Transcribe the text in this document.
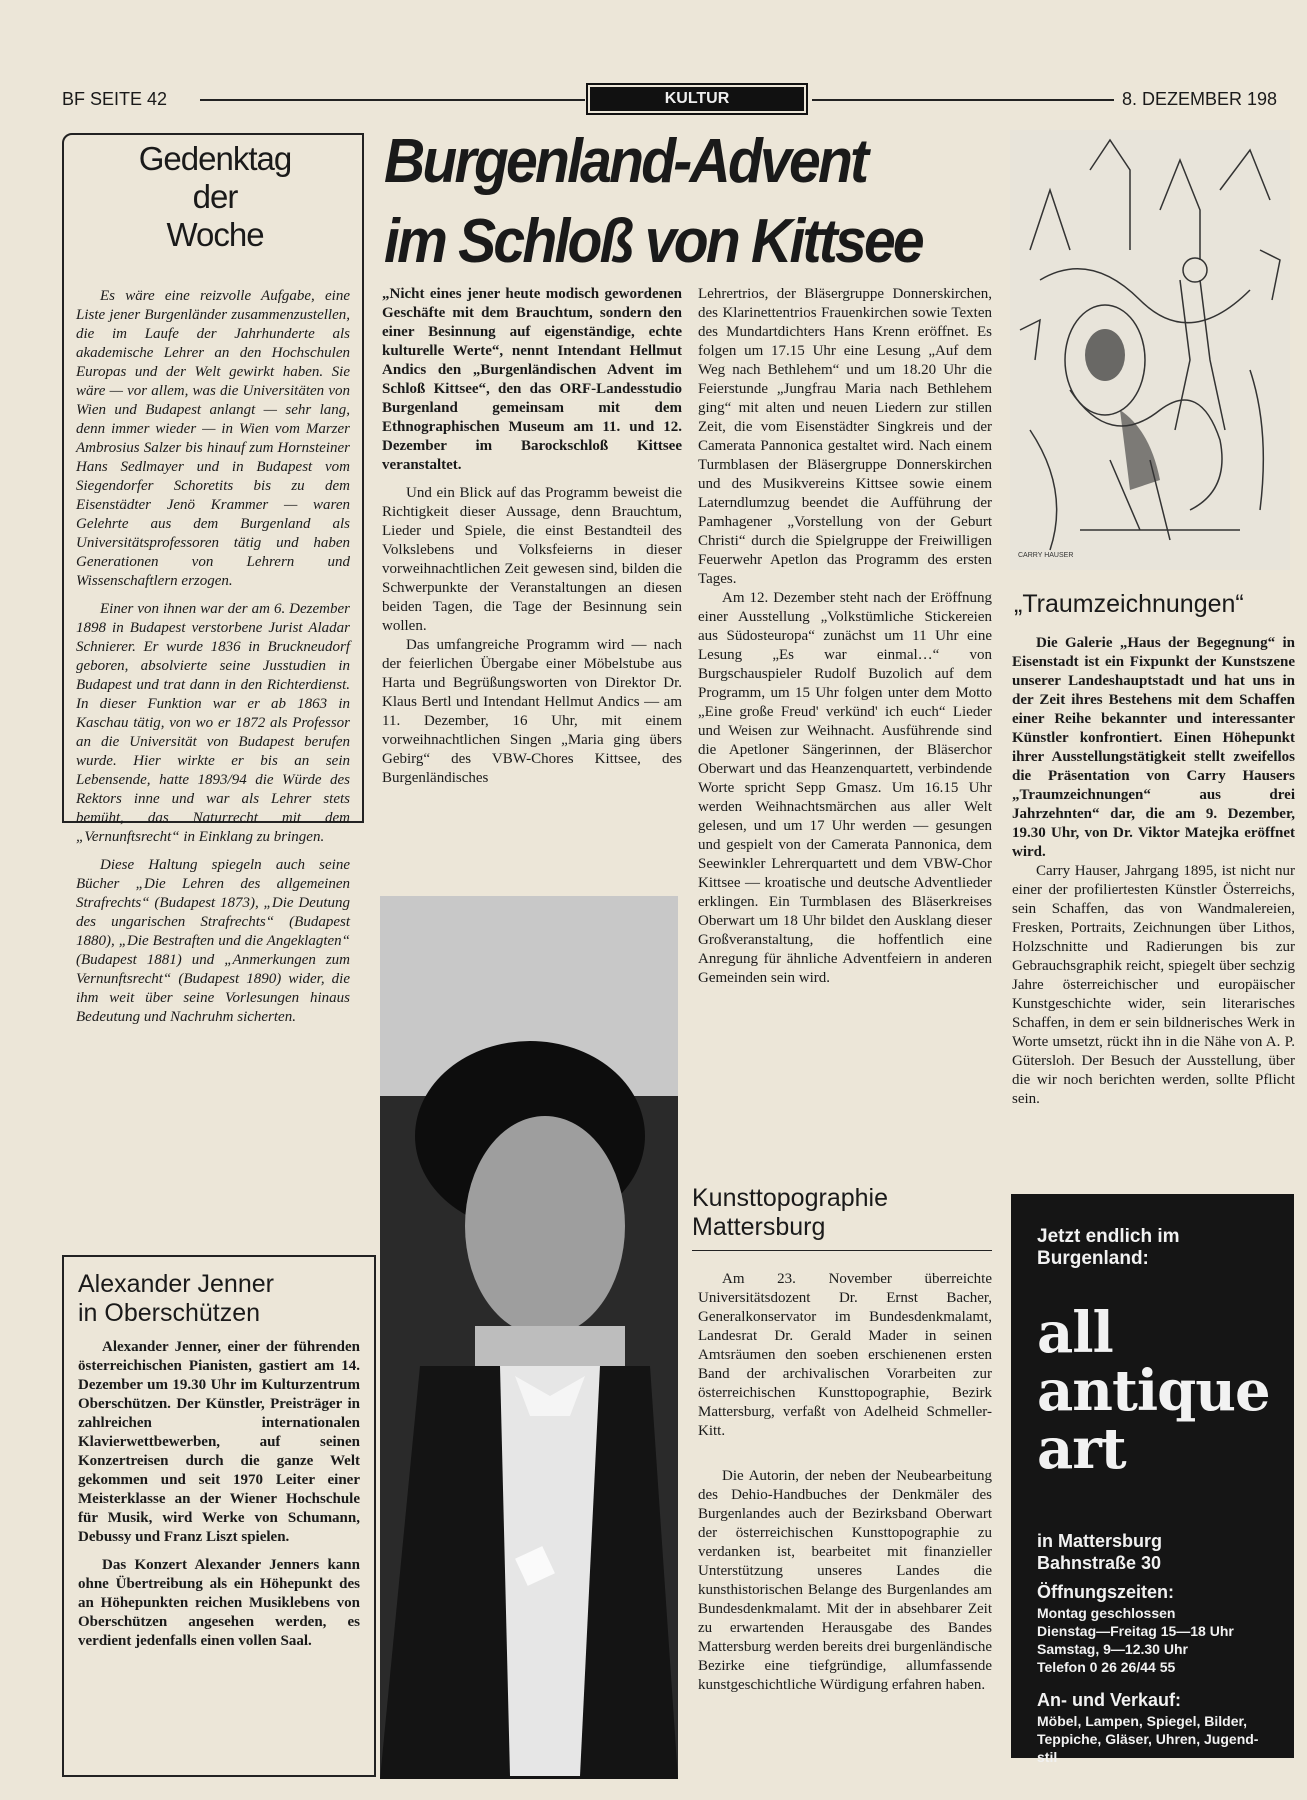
BF SEITE 42	KULTUR	8. DEZEMBER 198
Gedenktag
der
Woche

Es wäre eine reizvolle Aufgabe, eine Liste jener Burgenländer zusammenzustellen, die im Laufe der Jahrhunderte als akademische Lehrer an den Hochschulen Europas und der Welt gewirkt haben. Sie wäre — vor allem, was die Universitäten von Wien und Budapest anlangt — sehr lang, denn immer wieder — in Wien vom Marzer Ambrosius Salzer bis hinauf zum Hornsteiner Hans Sedlmayer und in Budapest vom Siegendorfer Schoretits bis zu dem Eisenstädter Jenö Krammer — waren Gelehrte aus dem Burgenland als Universitätsprofessoren tätig und haben Generationen von Lehrern und Wissenschaftlern erzogen.

Einer von ihnen war der am 6. Dezember 1898 in Budapest verstorbene Jurist Aladar Schnierer. Er wurde 1836 in Bruckneudorf geboren, absolvierte seine Jusstudien in Budapest und trat dann in den Richterdienst. In dieser Funktion war er ab 1863 in Kaschau tätig, von wo er 1872 als Professor an die Universität von Budapest berufen wurde. Hier wirkte er bis an sein Lebensende, hatte 1893/94 die Würde des Rektors inne und war als Lehrer stets bemüht, das Naturrecht mit dem „Vernunftsrecht“ in Einklang zu bringen.

Diese Haltung spiegeln auch seine Bücher „Die Lehren des allgemeinen Strafrechts“ (Budapest 1873), „Die Deutung des ungarischen Strafrechts“ (Budapest 1880), „Die Bestraften und die Angeklagten“ (Budapest 1881) und „Anmerkungen zum Vernunftsrecht“ (Budapest 1890) wider, die ihm weit über seine Vorlesungen hinaus Bedeutung und Nachruhm sicherten.

Alexander Jenner
in Oberschützen

Alexander Jenner, einer der führenden österreichischen Pianisten, gastiert am 14. Dezember um 19.30 Uhr im Kulturzentrum Oberschützen. Der Künstler, Preisträger in zahlreichen internationalen Klavierwettbewerben, auf seinen Konzertreisen durch die ganze Welt gekommen und seit 1970 Leiter einer Meisterklasse an der Wiener Hochschule für Musik, wird Werke von Schumann, Debussy und Franz Liszt spielen.

Das Konzert Alexander Jenners kann ohne Übertreibung als ein Höhepunkt des an Höhepunkten reichen Musiklebens von Oberschützen angesehen werden, es verdient jedenfalls einen vollen Saal.

Burgenland-Advent
im Schloß von Kittsee

„Nicht eines jener heute modisch gewordenen Geschäfte mit dem Brauchtum, sondern den einer Besinnung auf eigenständige, echte kulturelle Werte“, nennt Intendant Hellmut Andics den „Burgenländischen Advent im Schloß Kittsee“, den das ORF-Landesstudio Burgenland gemeinsam mit dem Ethnographischen Museum am 11. und 12. Dezember im Barockschloß Kittsee veranstaltet.

Und ein Blick auf das Programm beweist die Richtigkeit dieser Aussage, denn Brauchtum, Lieder und Spiele, die einst Bestandteil des Volkslebens und Volksfeierns in dieser vorweihnachtlichen Zeit gewesen sind, bilden die Schwerpunkte der Veranstaltungen an diesen beiden Tagen, die Tage der Besinnung sein wollen.

Das umfangreiche Programm wird — nach der feierlichen Übergabe einer Möbelstube aus Harta und Begrüßungsworten von Direktor Dr. Klaus Bertl und Intendant Hellmut Andics — am 11. Dezember, 16 Uhr, mit einem vorweihnachtlichen Singen „Maria ging übers Gebirg“ des VBW-Chores Kittsee, des Burgenländisches

Lehrertrios, der Bläsergruppe Donnerskirchen, des Klarinettentrios Frauenkirchen sowie Texten des Mundartdichters Hans Krenn eröffnet. Es folgen um 17.15 Uhr eine Lesung „Auf dem Weg nach Bethlehem“ und um 18.20 Uhr die Feierstunde „Jungfrau Maria nach Bethlehem ging“ mit alten und neuen Liedern zur stillen Zeit, die vom Eisenstädter Singkreis und der Camerata Pannonica gestaltet wird. Nach einem Turmblasen der Bläsergruppe Donnerskirchen und des Musikvereins Kittsee sowie einem Laterndlumzug beendet die Aufführung der Pamhagener „Vorstellung von der Geburt Christi“ durch die Spielgruppe der Freiwilligen Feuerwehr Apetlon das Programm des ersten Tages.

Am 12. Dezember steht nach der Eröffnung einer Ausstellung „Volkstümliche Stickereien aus Südosteuropa“ zunächst um 11 Uhr eine Lesung „Es war einmal…“ von Burgschauspieler Rudolf Buzolich auf dem Programm, um 15 Uhr folgen unter dem Motto „Eine große Freud' verkünd' ich euch“ Lieder und Weisen zur Weihnacht. Ausführende sind die Apetloner Sängerinnen, der Bläserchor Oberwart und das Heanzenquartett, verbindende Worte spricht Sepp Gmasz. Um 16.15 Uhr werden Weihnachtsmärchen aus aller Welt gelesen, und um 17 Uhr werden — gesungen und gespielt von der Camerata Pannonica, dem Seewinkler Lehrerquartett und dem VBW-Chor Kittsee — kroatische und deutsche Adventlieder erklingen. Ein Turmblasen des Bläserkreises Oberwart um 18 Uhr bildet den Ausklang dieser Großveranstaltung, die hoffentlich eine Anregung für ähnliche Adventfeiern in anderen Gemeinden sein wird.

Kunsttopographie
Mattersburg

Am 23. November überreichte Universitätsdozent Dr. Ernst Bacher, Generalkonservator im Bundesdenkmalamt, Landesrat Dr. Gerald Mader in seinen Amtsräumen den soeben erschienenen ersten Band der archivalischen Vorarbeiten zur österreichischen Kunsttopographie, Bezirk Mattersburg, verfaßt von Adelheid Schmeller-Kitt.

Die Autorin, der neben der Neubearbeitung des Dehio-Handbuches der Denkmäler des Burgenlandes auch der Bezirksband Oberwart der österreichischen Kunsttopographie zu verdanken ist, bearbeitet mit finanzieller Unterstützung unseres Landes die kunsthistorischen Belange des Burgenlandes am Bundesdenkmalamt. Mit der in absehbarer Zeit zu erwartenden Herausgabe des Bandes Mattersburg werden bereits drei burgenländische Bezirke eine tiefgründige, allumfassende kunstgeschichtliche Würdigung erfahren haben.

CARRY HAUSER
„Traumzeichnungen“

Die Galerie „Haus der Begegnung“ in Eisenstadt ist ein Fixpunkt der Kunstszene unserer Landeshauptstadt und hat uns in der Zeit ihres Bestehens mit dem Schaffen einer Reihe bekannter und interessanter Künstler konfrontiert. Einen Höhepunkt ihrer Ausstellungstätigkeit stellt zweifellos die Präsentation von Carry Hausers „Traumzeichnungen“ aus drei Jahrzehnten“ dar, die am 9. Dezember, 19.30 Uhr, von Dr. Viktor Matejka eröffnet wird.

Carry Hauser, Jahrgang 1895, ist nicht nur einer der profiliertesten Künstler Österreichs, sein Schaffen, das von Wandmalereien, Fresken, Portraits, Zeichnungen über Lithos, Holzschnitte und Radierungen bis zur Gebrauchsgraphik reicht, spiegelt über sechzig Jahre österreichischer und europäischer Kunstgeschichte wider, sein literarisches Schaffen, in dem er sein bildnerisches Werk in Worte umsetzt, rückt ihn in die Nähe von A. P. Gütersloh. Der Besuch der Ausstellung, über die wir noch berichten werden, sollte Pflicht sein.

Jetzt endlich im
Burgenland:
all
antique
art
in Mattersburg
Bahnstraße 30
Öffnungszeiten:
Montag geschlossen
Dienstag—Freitag 15—18 Uhr
Samstag, 9—12.30 Uhr
Telefon 0 26 26/44 55
An- und Verkauf:
Möbel, Lampen, Spiegel, Bilder,
Teppiche, Gläser, Uhren, Jugend-
stil
